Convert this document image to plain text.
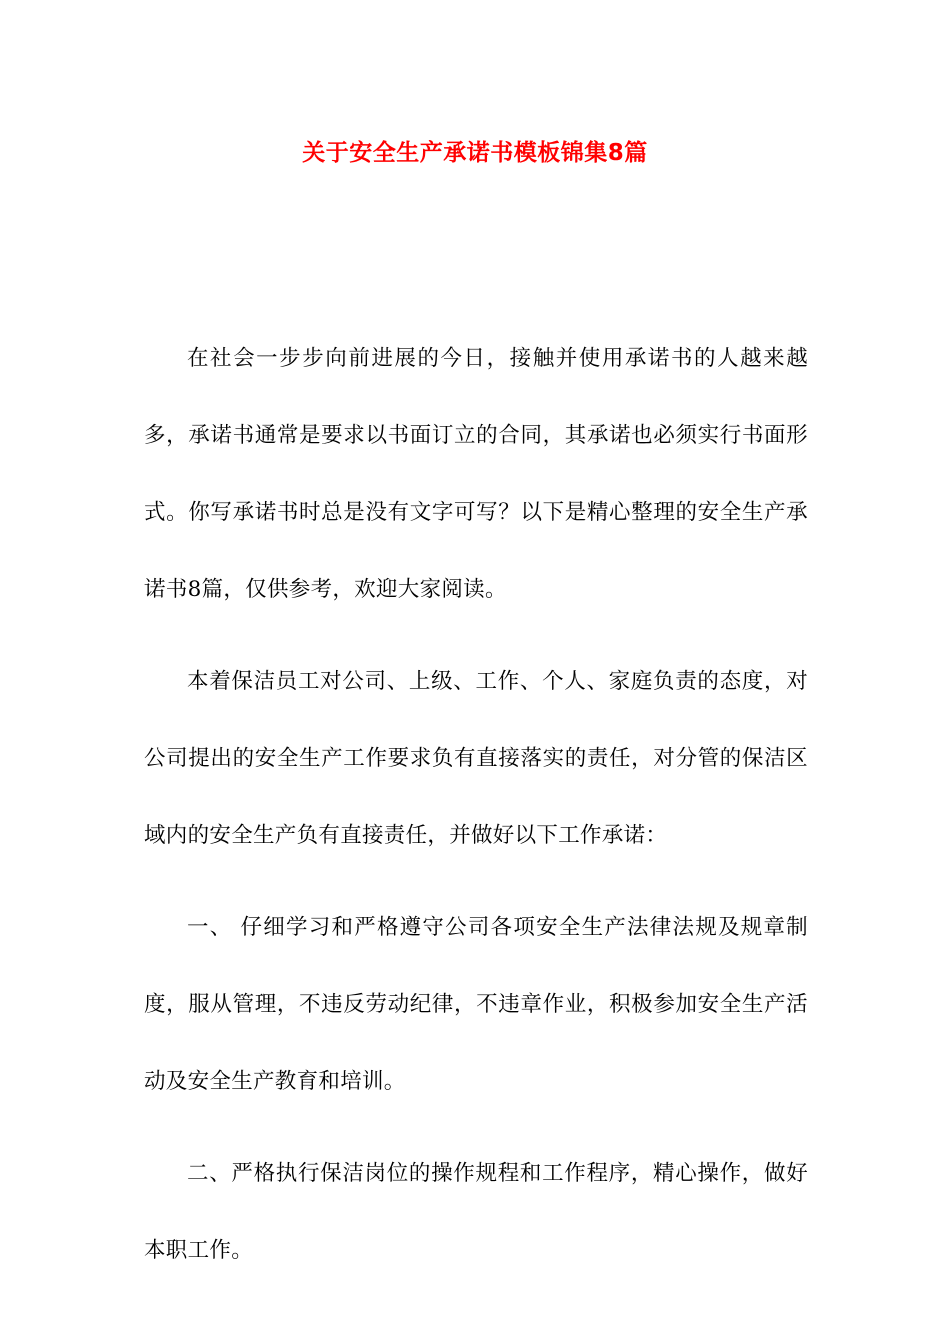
关于安全生产承诺书模板锦集8篇

在社会一步步向前进展的今日，接触并使用承诺书的人越来越多，承诺书通常是要求以书面订立的合同，其承诺也必须实行书面形式。你写承诺书时总是没有文字可写？以下是精心整理的安全生产承诺书8篇，仅供参考，欢迎大家阅读。

本着保洁员工对公司、上级、工作、个人、家庭负责的态度，对公司提出的安全生产工作要求负有直接落实的责任，对分管的保洁区域内的安全生产负有直接责任，并做好以下工作承诺：

一、 仔细学习和严格遵守公司各项安全生产法律法规及规章制度，服从管理，不违反劳动纪律，不违章作业，积极参加安全生产活动及安全生产教育和培训。

二、严格执行保洁岗位的操作规程和工作程序，精心操作，做好本职工作。
